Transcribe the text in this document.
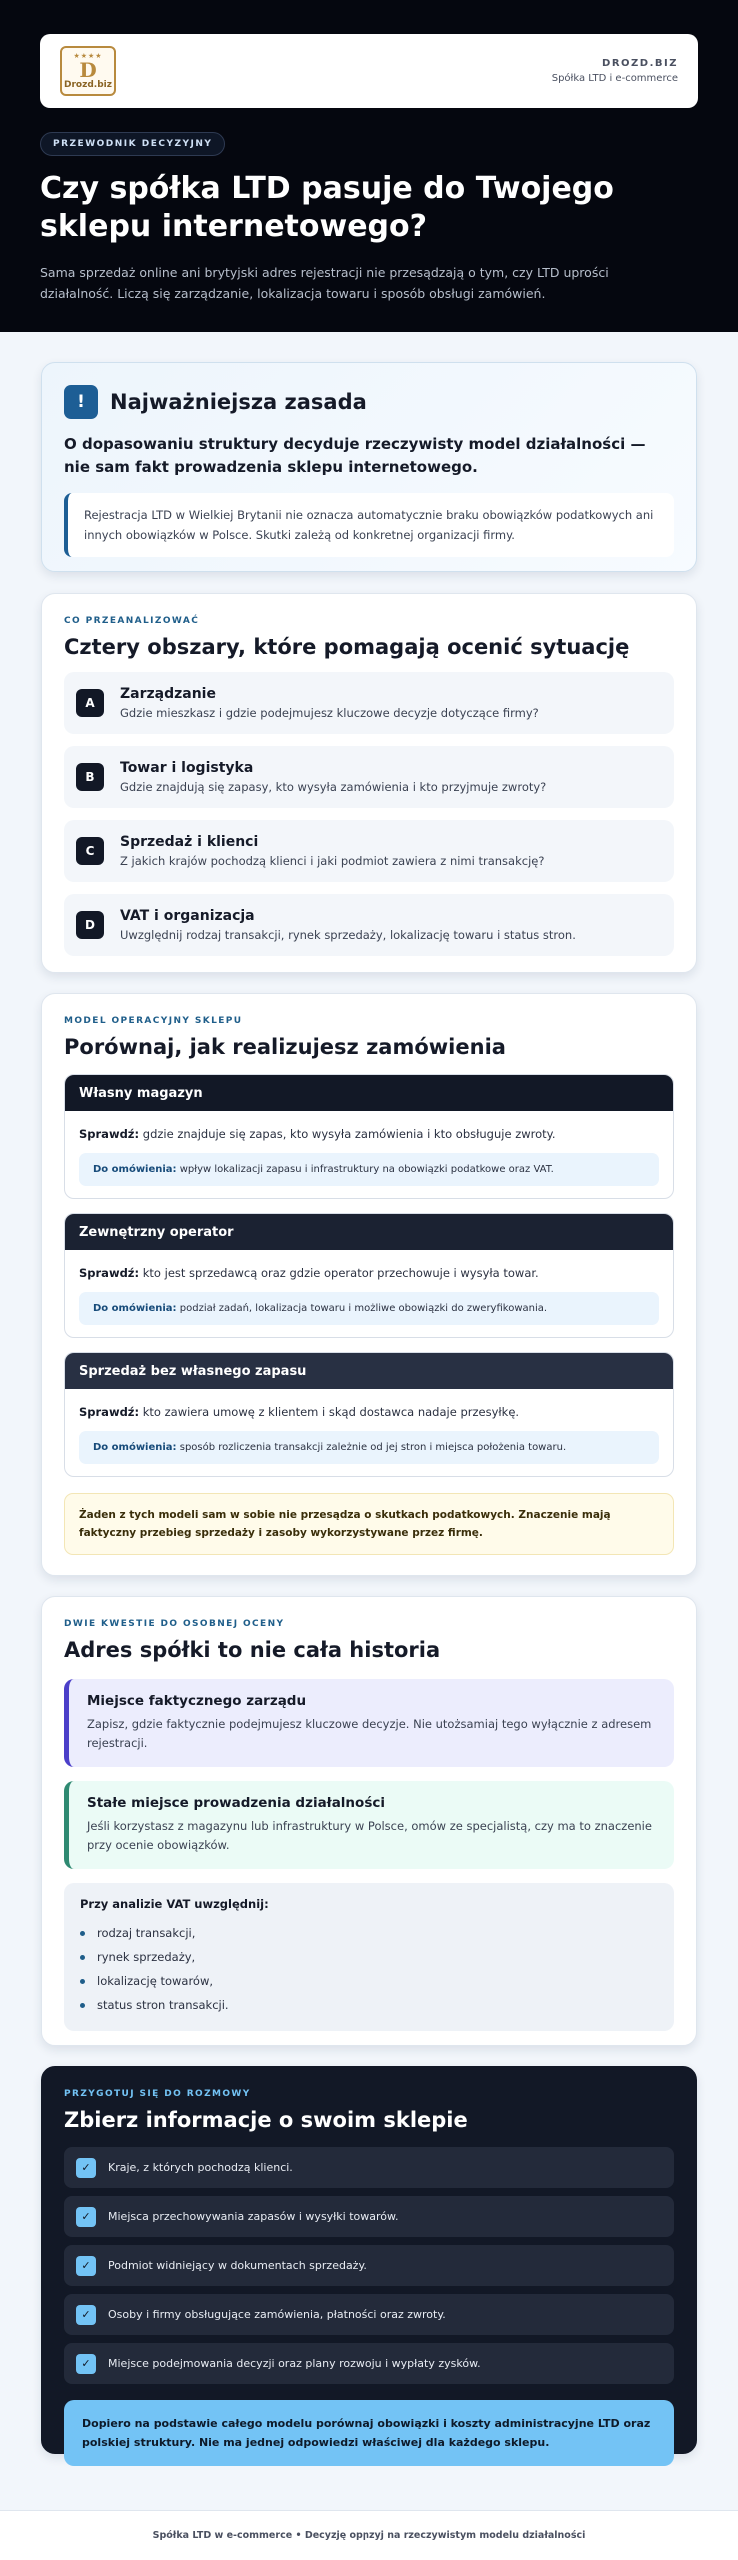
★★★★
D
Drozd.biz
DROZD.BIZ
Spółka LTD i e-commerce
PRZEWODNIK DECYZYJNY
Czy spółka LTD pasuje do Twojego sklepu internetowego?

Sama sprzedaż online ani brytyjski adres rejestracji nie przesądzają o tym, czy LTD uprości działalność. Liczą się zarządzanie, lokalizacja towaru i sposób obsługi zamówień.

!	Najważniejsza zasada

O dopasowaniu struktury decyduje rzeczywisty model działalności — nie sam fakt prowadzenia sklepu internetowego.

Rejestracja LTD w Wielkiej Brytanii nie oznacza automatycznie braku obowiązków podatkowych ani innych obowiązków w Polsce. Skutki zależą od konkretnej organizacji firmy.

CO PRZEANALIZOWAĆ
Cztery obszary, które pomagają ocenić sytuację
A
Zarządzanie
Gdzie mieszkasz i gdzie podejmujesz kluczowe decyzje dotyczące firmy?
B
Towar i logistyka
Gdzie znajdują się zapasy, kto wysyła zamówienia i kto przyjmuje zwroty?
C
Sprzedaż i klienci
Z jakich krajów pochodzą klienci i jaki podmiot zawiera z nimi transakcję?
D
VAT i organizacja
Uwzględnij rodzaj transakcji, rynek sprzedaży, lokalizację towaru i status stron.
MODEL OPERACYJNY SKLEPU
Porównaj, jak realizujesz zamówienia
Własny magazyn

Sprawdź: gdzie znajduje się zapas, kto wysyła zamówienia i kto obsługuje zwroty.

Do omówienia: wpływ lokalizacji zapasu i infrastruktury na obowiązki podatkowe oraz VAT.

Zewnętrzny operator

Sprawdź: kto jest sprzedawcą oraz gdzie operator przechowuje i wysyła towar.

Do omówienia: podział zadań, lokalizacja towaru i możliwe obowiązki do zweryfikowania.

Sprzedaż bez własnego zapasu

Sprawdź: kto zawiera umowę z klientem i skąd dostawca nadaje przesyłkę.

Do omówienia: sposób rozliczenia transakcji zależnie od jej stron i miejsca położenia towaru.

Żaden z tych modeli sam w sobie nie przesądza o skutkach podatkowych. Znaczenie mają faktyczny przebieg sprzedaży i zasoby wykorzystywane przez firmę.

DWIE KWESTIE DO OSOBNEJ OCENY
Adres spółki to nie cała historia
Miejsce faktycznego zarządu
Zapisz, gdzie faktycznie podejmujesz kluczowe decyzje. Nie utożsamiaj tego wyłącznie z adresem rejestracji.
Stałe miejsce prowadzenia działalności
Jeśli korzystasz z magazynu lub infrastruktury w Polsce, omów ze specjalistą, czy ma to znaczenie przy ocenie obowiązków.
Przy analizie VAT uwzględnij:
rodzaj transakcji,
rynek sprzedaży,
lokalizację towarów,
status stron transakcji.
PRZYGOTUJ SIĘ DO ROZMOWY
Zbierz informacje o swoim sklepie
✓	Kraje, z których pochodzą klienci.
✓	Miejsca przechowywania zapasów i wysyłki towarów.
✓	Podmiot widniejący w dokumentach sprzedaży.
✓	Osoby i firmy obsługujące zamówienia, płatności oraz zwroty.
✓	Miejsce podejmowania decyzji oraz plany rozwoju i wypłaty zysków.

Dopiero na podstawie całego modelu porównaj obowiązki i koszty administracyjne LTD oraz polskiej struktury. Nie ma jednej odpowiedzi właściwej dla każdego sklepu.

Spółka LTD w e-commerce • Decyzję opրzyj na rzeczywistym modelu działalności
